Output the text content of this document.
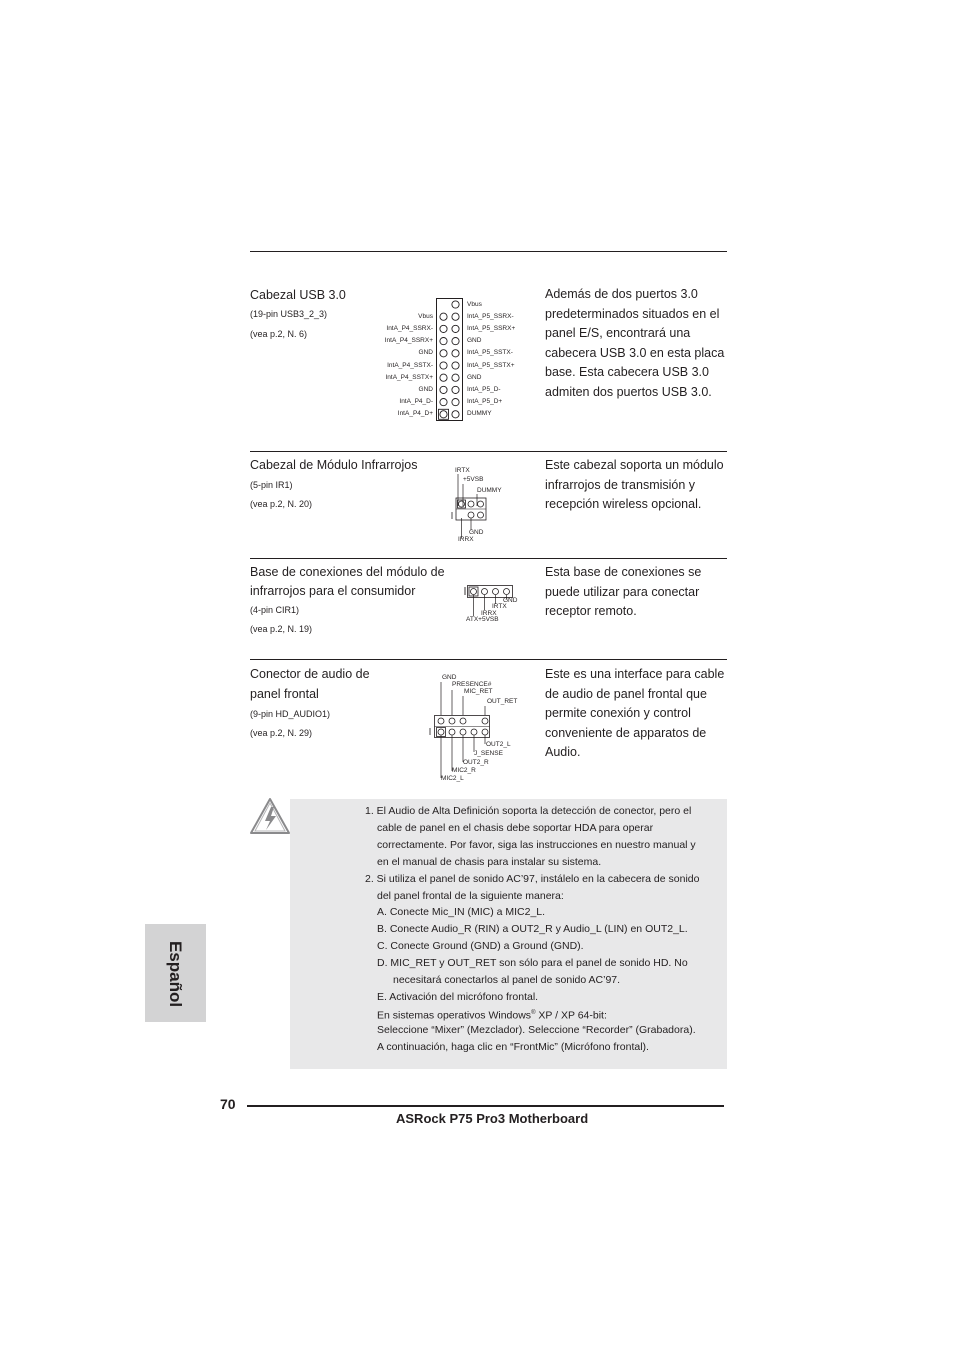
Cabezal USB 3.0
(19-pin USB3_2_3)
(vea p.2, N. 6)
Además de dos puertos 3.0 predeterminados situados en el panel E/S, encontrará una cabecera USB 3.0 en esta placa base. Esta cabecera USB 3.0 admiten dos puertos USB 3.0.
Vbus
IntA_P4_SSRX-
IntA_P4_SSRX+
GND
IntA_P4_SSTX-
IntA_P4_SSTX+
GND
IntA_P4_D-
IntA_P4_D+
Vbus
IntA_P5_SSRX-
IntA_P5_SSRX+
GND
IntA_P5_SSTX-
IntA_P5_SSTX+
GND
IntA_P5_D-
IntA_P5_D+
DUMMY
Cabezal de Módulo Infrarrojos
(5-pin IR1)
(vea p.2, N. 20)
Este cabezal soporta un módulo infrarrojos de transmisión y recepción wireless opcional.
IRTX
+5VSB
DUMMY
GND
IRRX
Base de conexiones del módulo de
infrarrojos para el consumidor
(4-pin CIR1)
(vea p.2, N. 19)
Esta base de conexiones se puede utilizar para conectar receptor remoto.
GND
IRTX
IRRX
ATX+5VSB
Conector de audio de
panel frontal
(9-pin HD_AUDIO1)
(vea p.2, N. 29)
Este es una interface para cable de audio de panel frontal que permite conexión y control conveniente de apparatos de Audio.
GND
PRESENCE#
MIC_RET
OUT_RET
OUT2_L
J_SENSE
OUT2_R
MIC2_R
MIC2_L
1. El Audio de Alta Definición soporta la detección de conector, pero el
cable de panel en el chasis debe soportar HDA para operar
correctamente. Por favor, siga las instrucciones en nuestro manual y
en el manual de chasis para instalar su sistema.
2. Si utiliza el panel de sonido AC’97, instálelo en la cabecera de sonido
del panel frontal de la siguiente manera:
A. Conecte Mic_IN (MIC) a MIC2_L.
B. Conecte Audio_R (RIN) a OUT2_R y Audio_L (LIN) en OUT2_L.
C. Conecte Ground (GND) a Ground (GND).
D. MIC_RET y OUT_RET son sólo para el panel de sonido HD. No
necesitará conectarlos al panel de sonido AC’97.
E. Activación del micrófono frontal.
En sistemas operativos Windows® XP / XP 64-bit:
Seleccione “Mixer” (Mezclador). Seleccione “Recorder” (Grabadora).
A continuación, haga clic en “FrontMic” (Micrófono frontal).
Español
70
ASRock P75 Pro3 Motherboard
